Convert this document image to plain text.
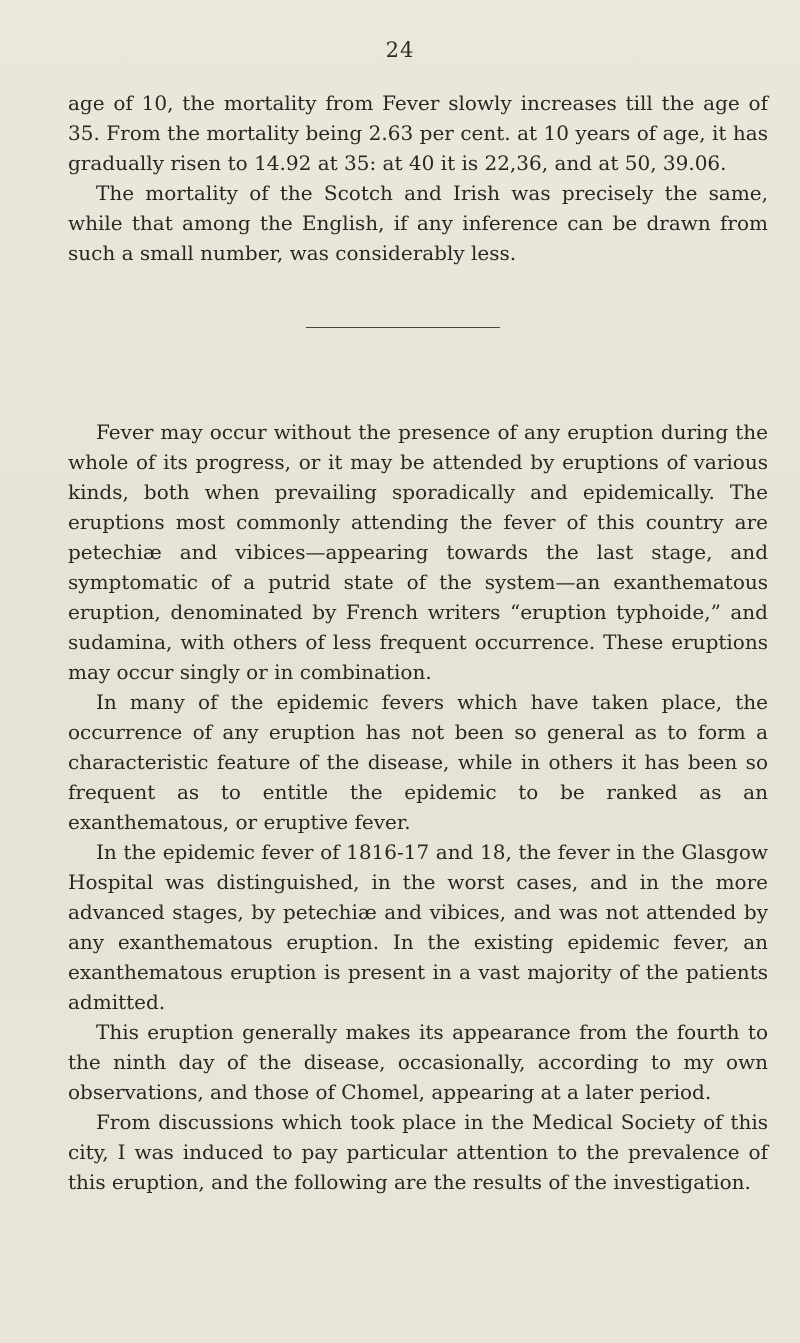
24

age of 10, the mortality from Fever slowly increases till the age of 35. From the mortality being 2.63 per cent. at 10 years of age, it has gradually risen to 14.92 at 35: at 40 it is 22,36, and at 50, 39.06.

The mortality of the Scotch and Irish was precisely the same, while that among the English, if any inference can be drawn from such a small number, was considerably less.

Fever may occur without the presence of any eruption during the whole of its progress, or it may be attended by eruptions of various kinds, both when prevailing sporadically and epidemically. The eruptions most commonly attending the fever of this country are petechiæ and vibices—appearing towards the last stage, and symptomatic of a putrid state of the system—an exanthematous eruption, denominated by French writers “eruption typhoide,” and sudamina, with others of less frequent occurrence. These eruptions may occur singly or in combination.

In many of the epidemic fevers which have taken place, the occurrence of any eruption has not been so general as to form a characteristic feature of the disease, while in others it has been so frequent as to entitle the epidemic to be ranked as an exanthematous, or eruptive fever.

In the epidemic fever of 1816-17 and 18, the fever in the Glasgow Hospital was distinguished, in the worst cases, and in the more advanced stages, by petechiæ and vibices, and was not attended by any exanthematous eruption. In the existing epidemic fever, an exanthematous eruption is present in a vast majority of the patients admitted.

This eruption generally makes its appearance from the fourth to the ninth day of the disease, occasionally, according to my own observations, and those of Chomel, appearing at a later period.

From discussions which took place in the Medical Society of this city, I was induced to pay particular attention to the prevalence of this eruption, and the following are the results of the investigation.
